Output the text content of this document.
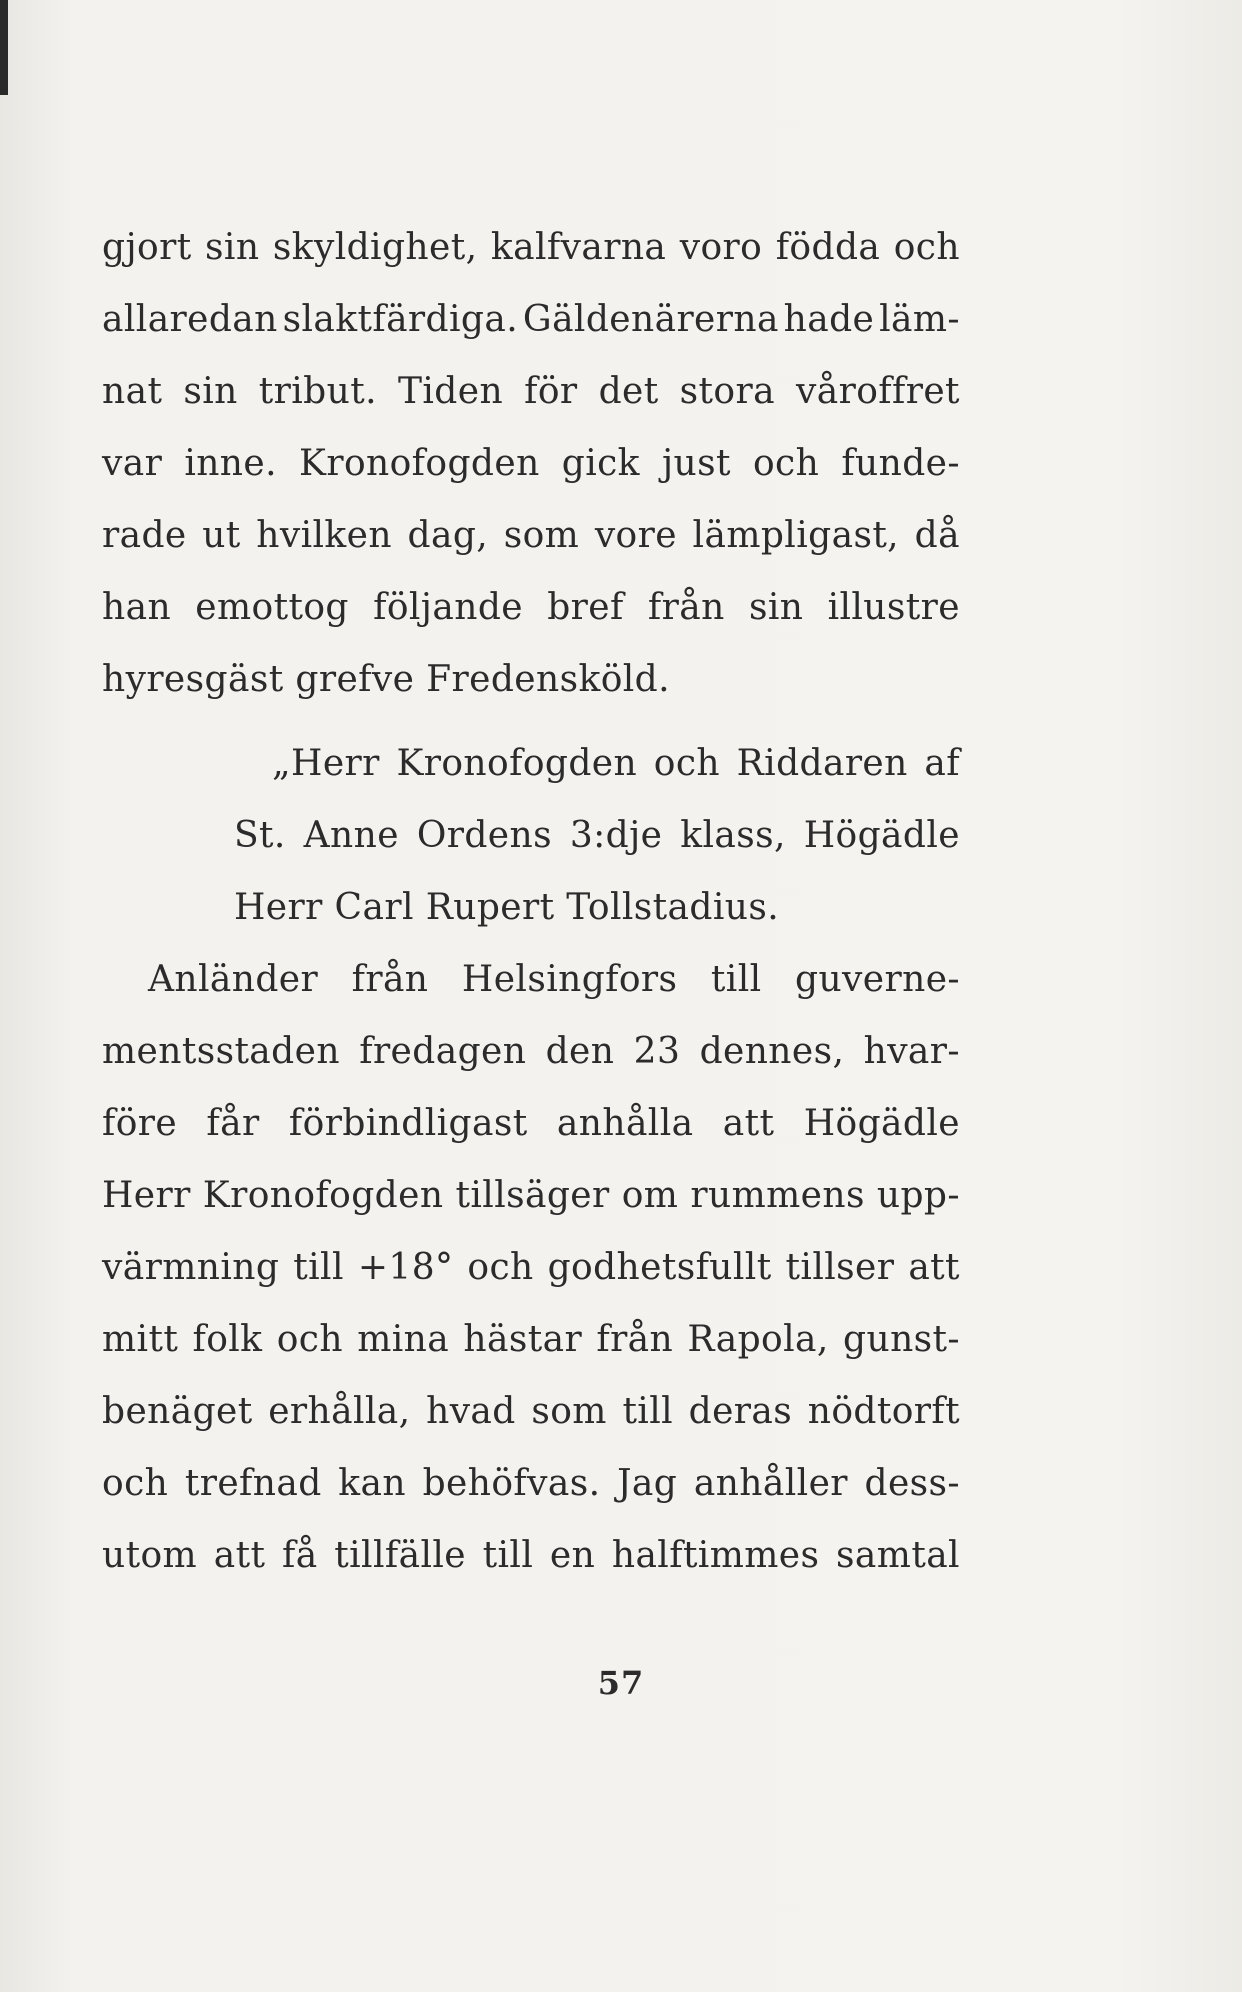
gjort sin skyldighet, kalfvarna voro födda och
allaredan slaktfärdiga. Gäldenärerna hade läm-
nat sin tribut. Tiden för det stora våroffret
var inne. Kronofogden gick just och funde-
rade ut hvilken dag, som vore lämpligast, då
han emottog följande bref från sin illustre
hyresgäst grefve Fredensköld.
„Herr Kronofogden och Riddaren af
St. Anne Ordens 3:dje klass, Högädle
Herr Carl Rupert Tollstadius.
Anländer från Helsingfors till guverne-
mentsstaden fredagen den 23 dennes, hvar-
före får förbindligast anhålla att Högädle
Herr Kronofogden tillsäger om rummens upp-
värmning till +18° och godhetsfullt tillser att
mitt folk och mina hästar från Rapola, gunst-
benäget erhålla, hvad som till deras nödtorft
och trefnad kan behöfvas. Jag anhåller dess-
utom att få tillfälle till en halftimmes samtal
57
